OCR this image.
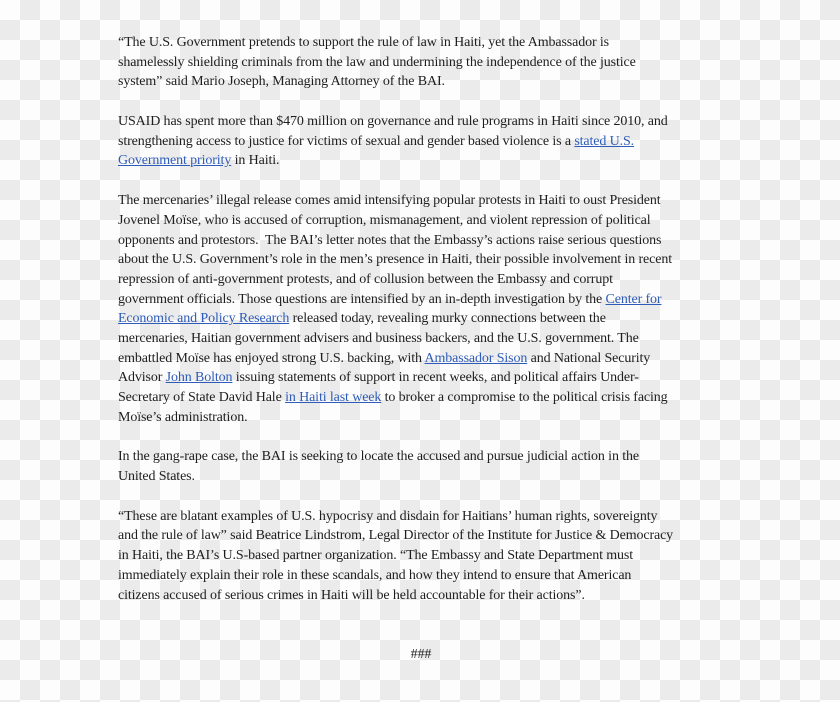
“The U.S. Government pretends to support the rule of law in Haiti, yet the Ambassador is
shamelessly shielding criminals from the law and undermining the independence of the justice
system” said Mario Joseph, Managing Attorney of the BAI.
USAID has spent more than $470 million on governance and rule programs in Haiti since 2010, and
strengthening access to justice for victims of sexual and gender based violence is a stated U.S.
Government priority in Haiti.
The mercenaries’ illegal release comes amid intensifying popular protests in Haiti to oust President
Jovenel Moïse, who is accused of corruption, mismanagement, and violent repression of political
opponents and protestors.  The BAI’s letter notes that the Embassy’s actions raise serious questions
about the U.S. Government’s role in the men’s presence in Haiti, their possible involvement in recent
repression of anti-government protests, and of collusion between the Embassy and corrupt
government officials. Those questions are intensified by an in-depth investigation by the Center for
Economic and Policy Research released today, revealing murky connections between the
mercenaries, Haitian government advisers and business backers, and the U.S. government. The
embattled Moïse has enjoyed strong U.S. backing, with Ambassador Sison and National Security
Advisor John Bolton issuing statements of support in recent weeks, and political affairs Under-
Secretary of State David Hale in Haiti last week to broker a compromise to the political crisis facing
Moïse’s administration.
In the gang-rape case, the BAI is seeking to locate the accused and pursue judicial action in the
United States.
“These are blatant examples of U.S. hypocrisy and disdain for Haitians’ human rights, sovereignty
and the rule of law” said Beatrice Lindstrom, Legal Director of the Institute for Justice & Democracy
in Haiti, the BAI’s U.S-based partner organization. “The Embassy and State Department must
immediately explain their role in these scandals, and how they intend to ensure that American
citizens accused of serious crimes in Haiti will be held accountable for their actions”.
###
